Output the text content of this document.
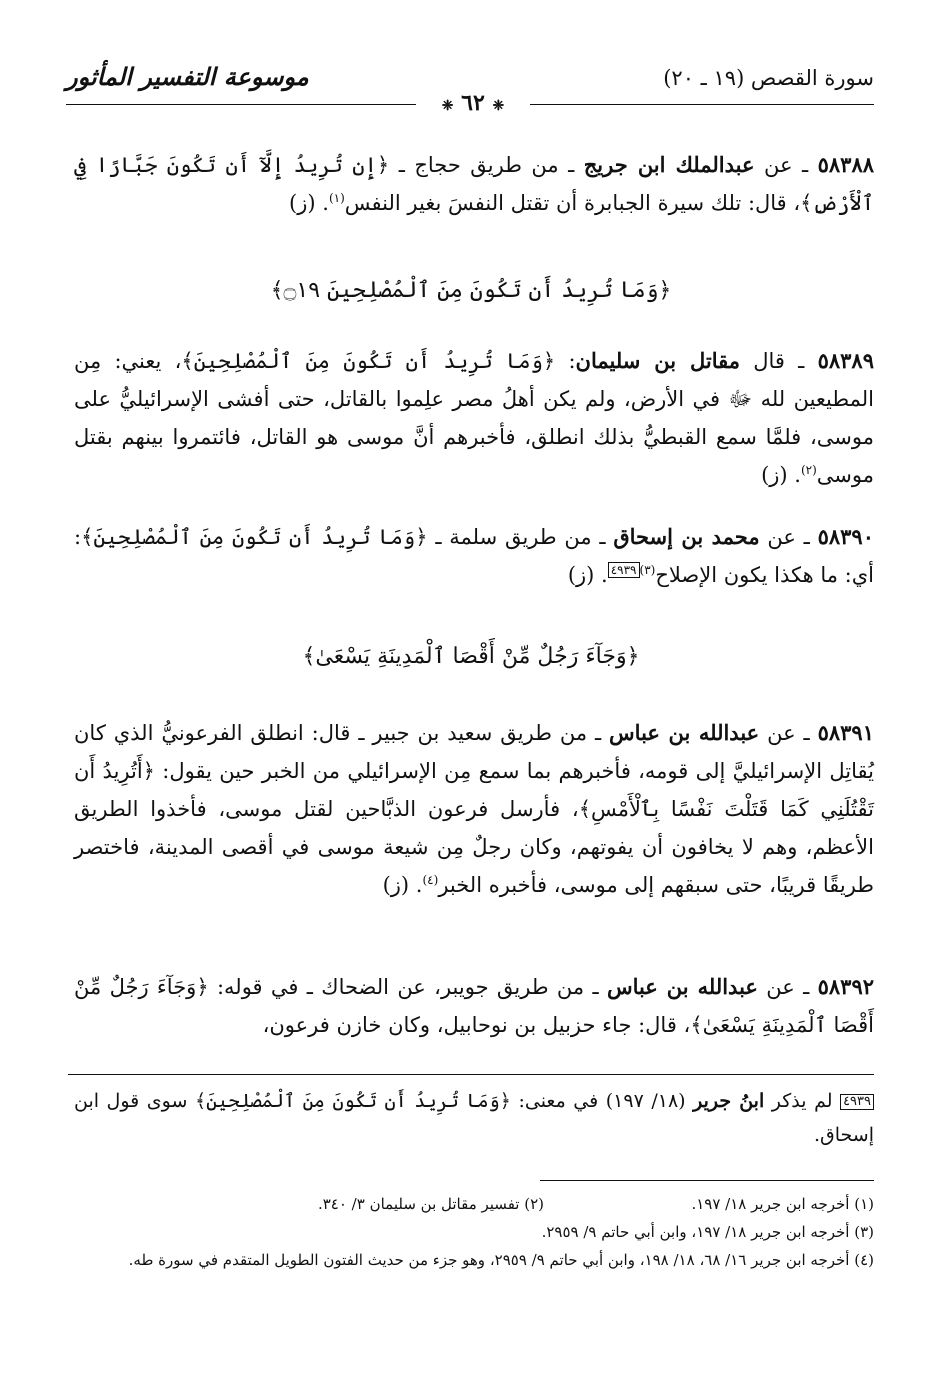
سورة القصص (١٩ ـ ٢٠)
موسوعة التفسير المأثور
❈ ٦٢ ❈
٥٨٣٨٨ ـ عن عبدالملك ابن جريج ـ من طريق حجاج ـ ﴿إِن تُرِيدُ إِلَّآ أَن تَكُونَ جَبَّارًا فِي ٱلْأَرْضِ﴾، قال: تلك سيرة الجبابرة أن تقتل النفسَ بغير النفس$^{(١)}$. (ز)
﴿وَمَا تُرِيدُ أَن تَكُونَ مِنَ ٱلْمُصْلِحِينَ ۝١٩﴾
٥٨٣٨٩ ـ قال مقاتل بن سليمان: ﴿وَمَا تُرِيدُ أَن تَكُونَ مِنَ ٱلْمُصْلِحِينَ﴾، يعني: مِن المطيعين لله ﷻ في الأرض، ولم يكن أهلُ مصر علِموا بالقاتل، حتى أفشى الإسرائيليُّ على موسى، فلمَّا سمع القبطيُّ بذلك انطلق، فأخبرهم أنَّ موسى هو القاتل، فائتمروا بينهم بقتل موسى$^{(٢)}$. (ز)
٥٨٣٩٠ ـ عن محمد بن إسحاق ـ من طريق سلمة ـ ﴿وَمَا تُرِيدُ أَن تَكُونَ مِنَ ٱلْمُصْلِحِينَ﴾: أي: ما هكذا يكون الإصلاح$^{(٣)}$٤٩٣٩. (ز)
﴿وَجَآءَ رَجُلٌ مِّنْ أَقْصَا ٱلْمَدِينَةِ يَسْعَىٰ﴾
٥٨٣٩١ ـ عن عبدالله بن عباس ـ من طريق سعيد بن جبير ـ قال: انطلق الفرعونيُّ الذي كان يُقاتِل الإسرائيليَّ إلى قومه، فأخبرهم بما سمع مِن الإسرائيلي من الخبر حين يقول: ﴿أَتُرِيدُ أَن تَقْتُلَنِي كَمَا قَتَلْتَ نَفْسًا بِٱلْأَمْسِ﴾، فأرسل فرعون الذبَّاحين لقتل موسى، فأخذوا الطريق الأعظم، وهم لا يخافون أن يفوتهم، وكان رجلٌ مِن شيعة موسى في أقصى المدينة، فاختصر طريقًا قريبًا، حتى سبقهم إلى موسى، فأخبره الخبر$^{(٤)}$. (ز)
٥٨٣٩٢ ـ عن عبدالله بن عباس ـ من طريق جويبر، عن الضحاك ـ في قوله: ﴿وَجَآءَ رَجُلٌ مِّنْ أَقْصَا ٱلْمَدِينَةِ يَسْعَىٰ﴾، قال: جاء حزبيل بن نوحابيل، وكان خازن فرعون،
٤٩٣٩ لم يذكر ابنُ جرير (١٨/ ١٩٧) في معنى: ﴿وَمَا تُرِيدُ أَن تَكُونَ مِنَ ٱلْمُصْلِحِينَ﴾ سوى قول ابن إسحاق.
(١) أخرجه ابن جرير ١٨/ ١٩٧.
(٢) تفسير مقاتل بن سليمان ٣/ ٣٤٠.
(٣) أخرجه ابن جرير ١٨/ ١٩٧، وابن أبي حاتم ٩/ ٢٩٥٩.
(٤) أخرجه ابن جرير ١٦/ ٦٨، ١٨/ ١٩٨، وابن أبي حاتم ٩/ ٢٩٥٩، وهو جزء من حديث الفتون الطويل المتقدم في سورة طه.
